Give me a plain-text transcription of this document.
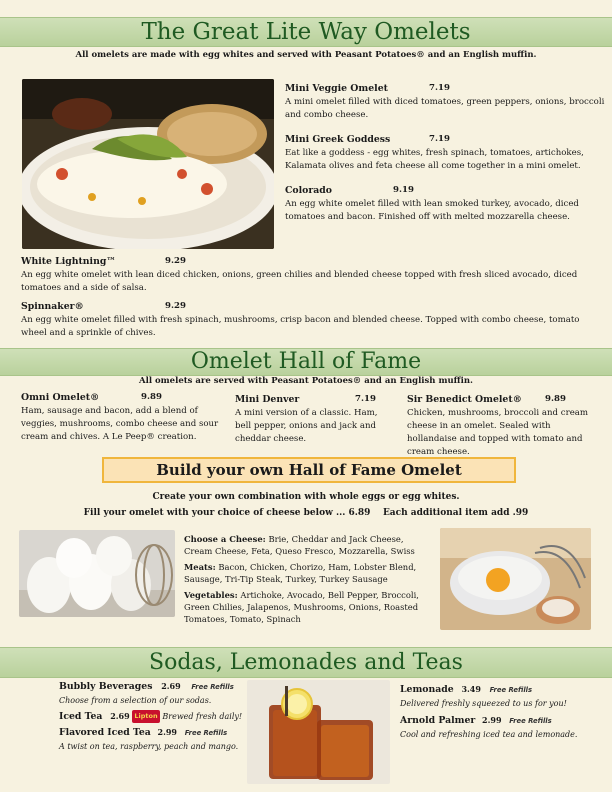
The Great Lite Way Omelets
All omelets are made with egg whites and served with Peasant Potatoes® and an English muffin.
Mini Veggie Omelet	7.19

A mini omelet filled with diced tomatoes, green peppers, onions, broccoli and combo cheese.
Mini Greek Goddess	7.19

Eat like a goddess - egg whites, fresh spinach, tomatoes, artichokes, Kalamata olives and feta cheese all come together in a mini omelet.
Colorado	9.19

An egg white omelet filled with lean smoked turkey, avocado, diced tomatoes and bacon. Finished off with melted mozzarella cheese.
White Lightning™	9.29

An egg white omelet with lean diced chicken, onions, green chilies and blended cheese topped with fresh sliced avocado, diced tomatoes and a side of salsa.
Spinnaker®	9.29

An egg white omelet filled with fresh spinach, mushrooms, crisp bacon and blended cheese. Topped with combo cheese, tomato wheel and a sprinkle of chives.
Omelet Hall of Fame
All omelets are served with Peasant Potatoes® and an English muffin.
Omni Omelet®	9.89

Ham, sausage and bacon, add a blend of veggies, mushrooms, combo cheese and sour cream and chives. A Le Peep® creation.
Mini Denver	7.19

A mini version of a classic. Ham, bell pepper, onions and jack and cheddar cheese.
Sir Benedict Omelet®	9.89

Chicken, mushrooms, broccoli and cream cheese in an omelet. Sealed with hollandaise and topped with tomato and cream cheese.
Build your own Hall of Fame Omelet
Create your own combination with whole eggs or egg whites.
Fill your omelet with your choice of cheese below ... 6.89    Each additional item add .99
Choose a Cheese: Brie, Cheddar and Jack Cheese, Cream Cheese, Feta, Queso Fresco, Mozzarella, Swiss
Meats: Bacon, Chicken, Chorizo, Ham, Lobster Blend, Sausage, Tri-Tip Steak, Turkey, Turkey Sausage
Vegetables: Artichoke, Avocado, Bell Pepper, Broccoli, Green Chilies, Jalapenos, Mushrooms, Onions, Roasted Tomatoes, Tomato, Spinach
Sodas, Lemonades and Teas
Bubbly Beverages 2.69 Free Refills
Choose from a selection of our sodas.
Iced Tea 2.69 Lipton Brewed fresh daily!
Flavored Iced Tea 2.99 Free Refills
A twist on tea, raspberry, peach and mango.
Lemonade 3.49 Free Refills
Delivered freshly squeezed to us for you!
Arnold Palmer 2.99 Free Refills
Cool and refreshing iced tea and lemonade.
